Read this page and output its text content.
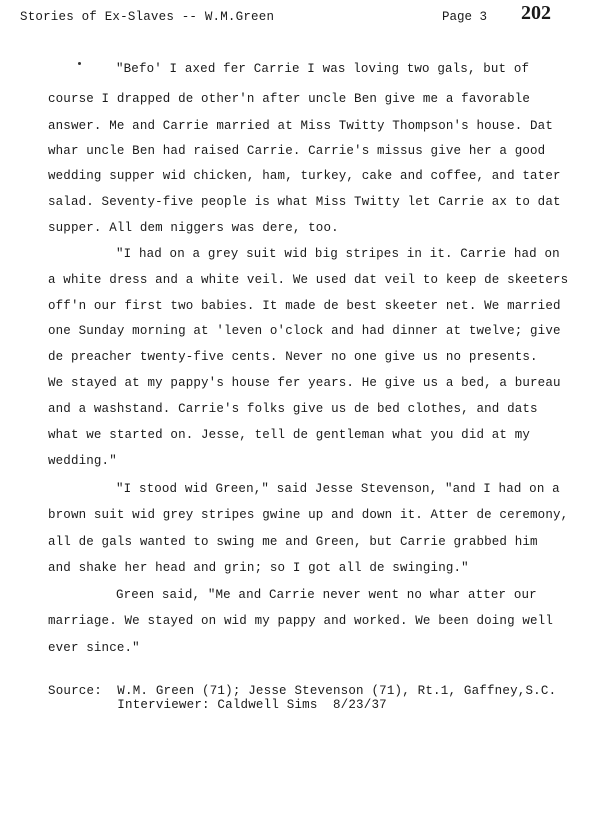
Stories of Ex-Slaves -- W.M.Green	Page 3 202
"Befo' I axed fer Carrie I was loving two gals, but of
course I drapped de other'n after uncle Ben give me a favorable
answer. Me and Carrie married at Miss Twitty Thompson's house. Dat
whar uncle Ben had raised Carrie. Carrie's missus give her a good
wedding supper wid chicken, ham, turkey, cake and coffee, and tater
salad. Seventy-five people is what Miss Twitty let Carrie ax to dat
supper. All dem niggers was dere, too.
"I had on a grey suit wid big stripes in it. Carrie had on
a white dress and a white veil. We used dat veil to keep de skeeters
off'n our first two babies. It made de best skeeter net. We married
one Sunday morning at 'leven o'clock and had dinner at twelve; give
de preacher twenty-five cents. Never no one give us no presents.
We stayed at my pappy's house fer years. He give us a bed, a bureau
and a washstand. Carrie's folks give us de bed clothes, and dats
what we started on. Jesse, tell de gentleman what you did at my
wedding."
"I stood wid Green," said Jesse Stevenson, "and I had on a
brown suit wid grey stripes gwine up and down it. Atter de ceremony,
all de gals wanted to swing me and Green, but Carrie grabbed him
and shake her head and grin; so I got all de swinging."
Green said, "Me and Carrie never went no whar atter our
marriage. We stayed on wid my pappy and worked. We been doing well
ever since."
Source:  W.M. Green (71); Jesse Stevenson (71), Rt.1, Gaffney,S.C.
Interviewer: Caldwell Sims  8/23/37
